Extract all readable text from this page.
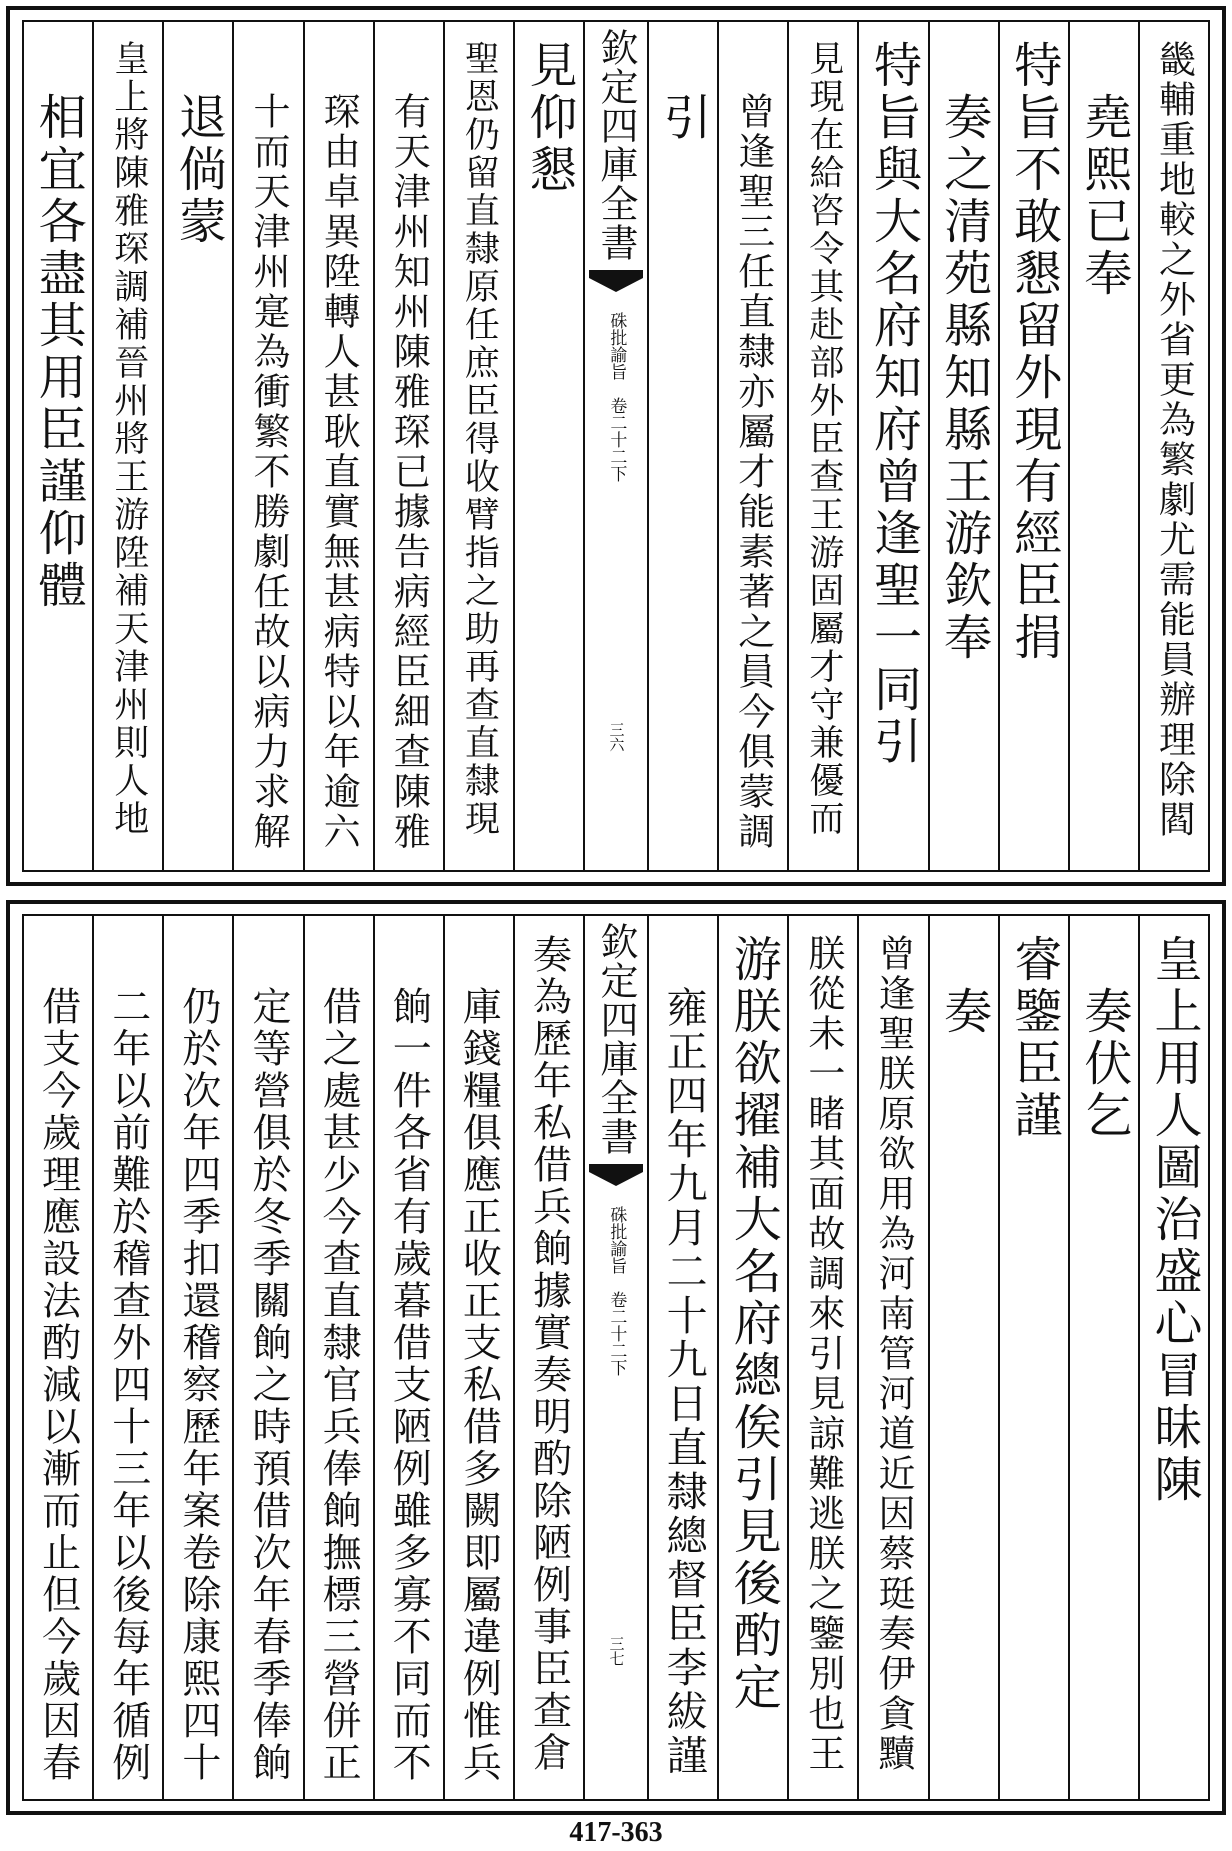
畿輔重地較之外省更為繁劇尤需能員辦理除閻
堯熙已奉
特旨不敢懇留外現有經臣捐
奏之清苑縣知縣王游欽奉
特旨與大名府知府曾逢聖一同引
見現在給咨令其赴部外臣查王游固屬才守兼優而
曾逢聖三任直隸亦屬才能素著之員今俱蒙調
引
欽定四庫全書
硃批諭旨
卷二十二下
三六
見仰懇
聖恩仍留直隸原任庶臣得收臂指之助再查直隸現
有天津州知州陳雅琛已據告病經臣細查陳雅
琛由卓異陞轉人甚耿直實無甚病特以年逾六
十而天津州寔為衝繁不勝劇任故以病力求解
退倘蒙
皇上將陳雅琛調補晉州將王游陞補天津州則人地
相宜各盡其用臣謹仰體
皇上用人圖治盛心冒昧陳
奏伏乞
睿鑒臣謹
奏
曾逢聖朕原欲用為河南管河道近因蔡珽奏伊貪黷
朕從未一睹其面故調來引見諒難逃朕之鑒別也王
游朕欲擢補大名府總俟引見後酌定
雍正四年九月二十九日直隸總督臣李紱謹
欽定四庫全書
硃批諭旨
卷二十二下
三七
奏為歷年私借兵餉據實奏明酌除陋例事臣查倉
庫錢糧俱應正收正支私借多闕即屬違例惟兵
餉一件各省有歲暮借支陋例雖多寡不同而不
借之處甚少今查直隸官兵俸餉撫標三營併正
定等營俱於冬季關餉之時預借次年春季俸餉
仍於次年四季扣還稽察歷年案卷除康熙四十
二年以前難於稽查外四十三年以後每年循例
借支今歲理應設法酌減以漸而止但今歲因春
417-363
